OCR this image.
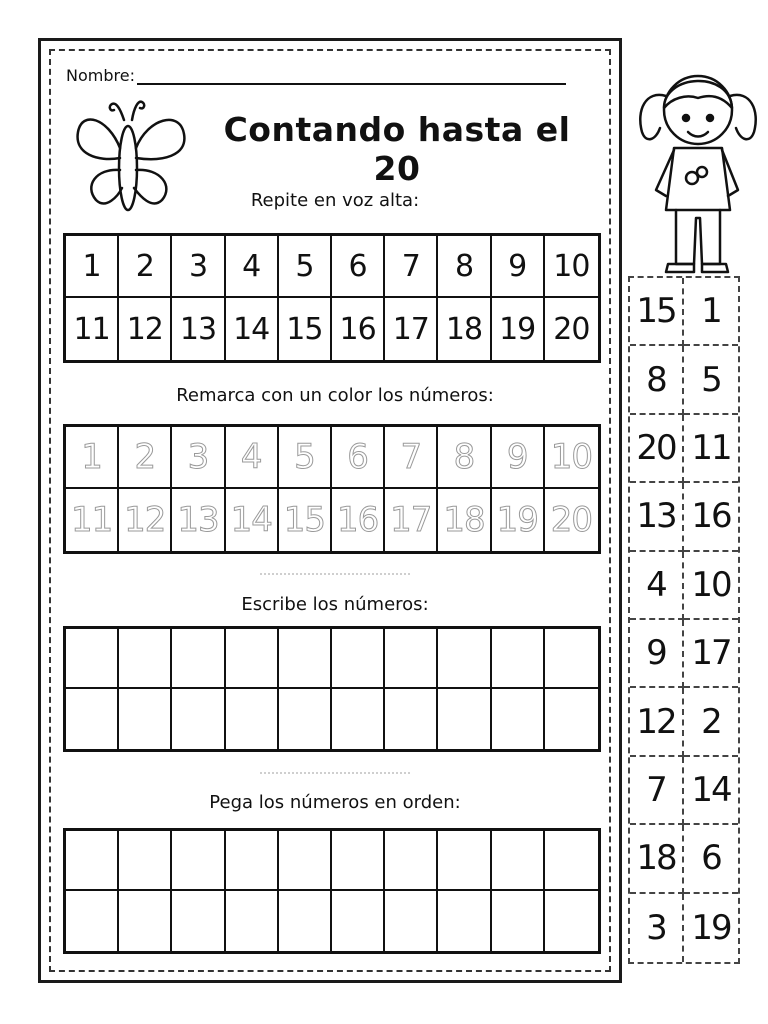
Nombre:
Contando hasta el 20
Repite en voz alta:
1 2 3 4 5 6 7 8 9 10
11 12 13 14 15 16 17 18 19 20
Remarca con un color los números:
1 2 3 4 5 6 7 8 9 10
11 12 13 14 15 16 17 18 19 20
Escribe los números:
Pega los números en orden:
15 1
8	5
20 11
13 16
4 10
9 17
12 2
7 14
18 6
3 19
